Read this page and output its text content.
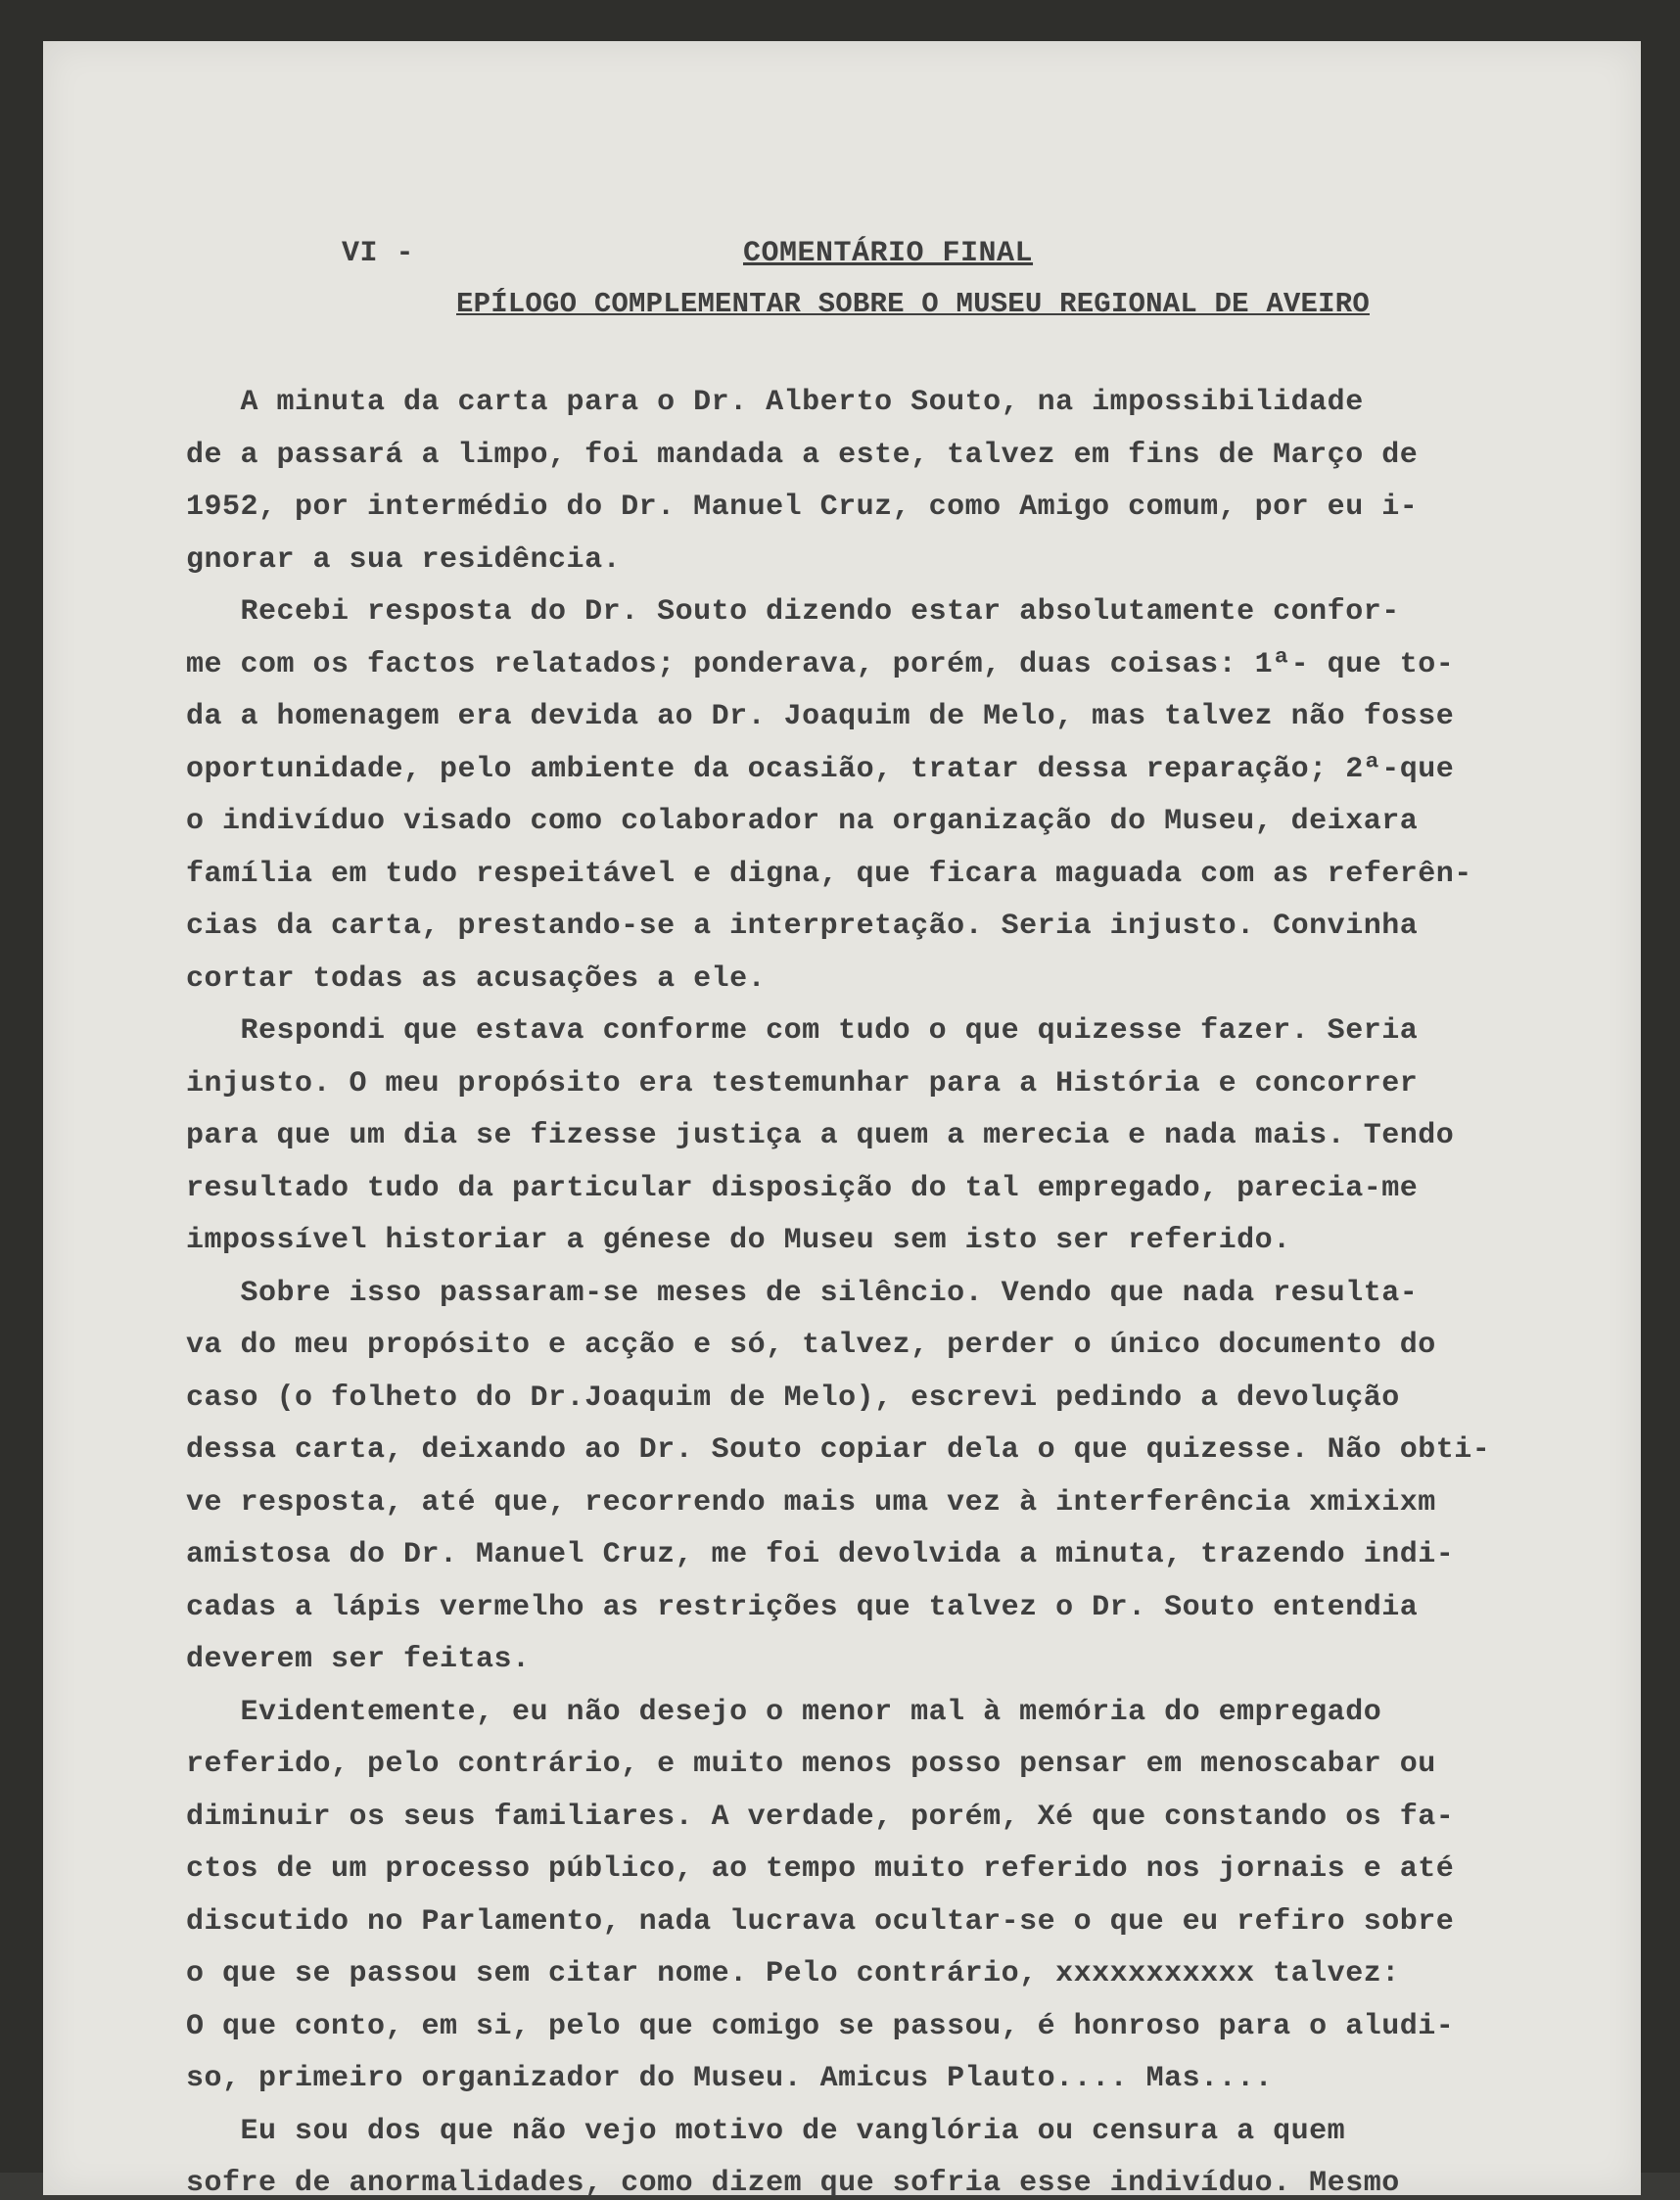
VI -	COMENTÁRIO FINAL
EPÍLOGO COMPLEMENTAR SOBRE O MUSEU REGIONAL DE AVEIRO
A minuta da carta para o Dr. Alberto Souto, na impossibilidade
de a passará a limpo, foi mandada a este, talvez em fins de Março de
1952, por intermédio do Dr. Manuel Cruz, como Amigo comum, por eu i-
gnorar a sua residência.
Recebi resposta do Dr. Souto dizendo estar absolutamente confor-
me com os factos relatados; ponderava, porém, duas coisas: 1ª- que to-
da a homenagem era devida ao Dr. Joaquim de Melo, mas talvez não fosse
oportunidade, pelo ambiente da ocasião, tratar dessa reparação; 2ª-que
o indivíduo visado como colaborador na organização do Museu, deixara
família em tudo respeitável e digna, que ficara maguada com as referên-
cias da carta, prestando-se a interpretação. Seria injusto. Convinha
cortar todas as acusações a ele.
Respondi que estava conforme com tudo o que quizesse fazer. Seria
injusto. O meu propósito era testemunhar para a História e concorrer
para que um dia se fizesse justiça a quem a merecia e nada mais. Tendo
resultado tudo da particular disposição do tal empregado, parecia-me
impossível historiar a génese do Museu sem isto ser referido.
Sobre isso passaram-se meses de silêncio. Vendo que nada resulta-
va do meu propósito e acção e só, talvez, perder o único documento do
caso (o folheto do Dr.Joaquim de Melo), escrevi pedindo a devolução
dessa carta, deixando ao Dr. Souto copiar dela o que quizesse. Não obti-
ve resposta, até que, recorrendo mais uma vez à interferência xmixixm
amistosa do Dr. Manuel Cruz, me foi devolvida a minuta, trazendo indi-
cadas a lápis vermelho as restrições que talvez o Dr. Souto entendia
deverem ser feitas.
Evidentemente, eu não desejo o menor mal à memória do empregado
referido, pelo contrário, e muito menos posso pensar em menoscabar ou
diminuir os seus familiares. A verdade, porém, Xé que constando os fa-
ctos de um processo público, ao tempo muito referido nos jornais e até
discutido no Parlamento, nada lucrava ocultar-se o que eu refiro sobre
o que se passou sem citar nome. Pelo contrário, xxxxxxxxxxx talvez:
O que conto, em si, pelo que comigo se passou, é honroso para o aludi-
so, primeiro organizador do Museu. Amicus Plauto.... Mas....
Eu sou dos que não vejo motivo de vanglória ou censura a quem
sofre de anormalidades, como dizem que sofria esse indivíduo. Mesmo
